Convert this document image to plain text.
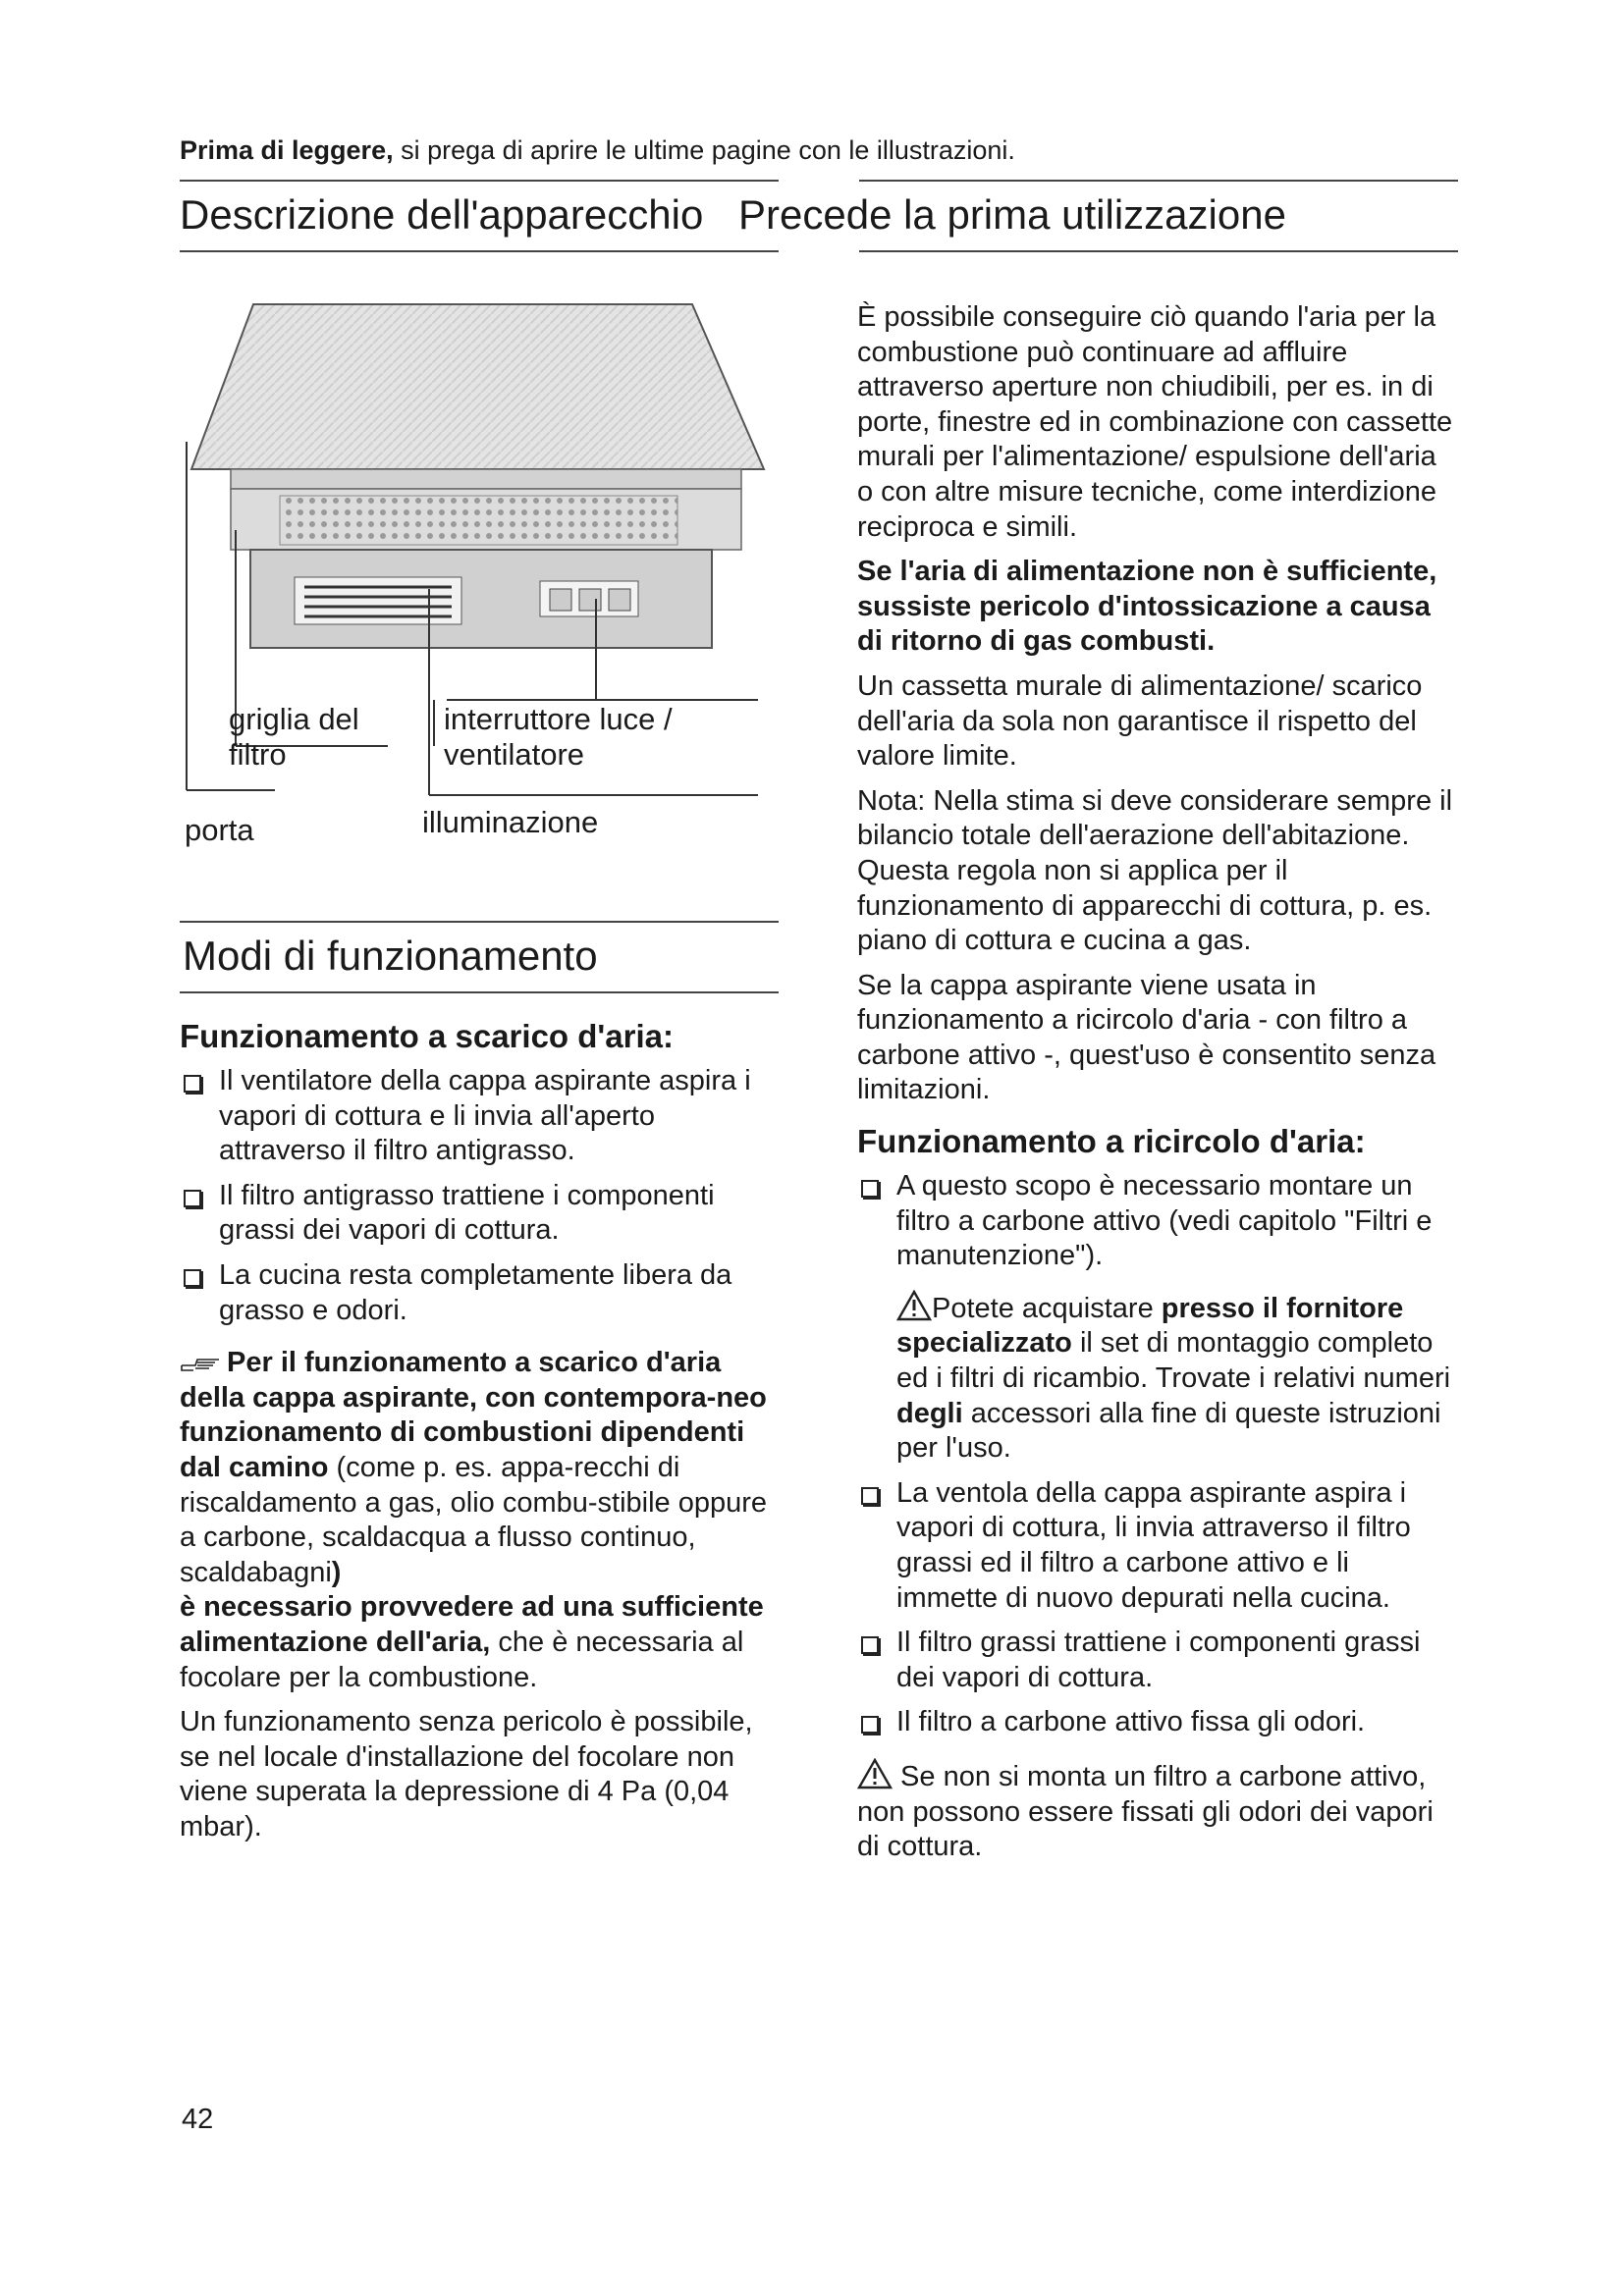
Prima di leggere, si prega di aprire le ultime pagine con le illustrazioni.
Descrizione dell'apparecchio Precede la prima utilizzazione
griglia del
filtro
interruttore luce /
ventilatore
porta	illuminazione
Modi di funzionamento
Funzionamento a scarico d'aria:
Il ventilatore della cappa aspirante aspira i vapori di cottura e li invia all'aperto attraverso il filtro antigrasso.
Il filtro antigrasso trattiene i componenti grassi dei vapori di cottura.
La cucina resta completamente libera da grasso e odori.

Per il funzionamento a scarico d'aria della cappa aspirante, con contempora-neo funzionamento di combustioni dipendenti dal camino (come p. es. appa-recchi di riscaldamento a gas, olio combu-stibile oppure a carbone, scaldacqua a flusso continuo, scaldabagni)
è necessario provvedere ad una sufficiente alimentazione dell'aria, che è necessaria al focolare per la combustione.

Un funzionamento senza pericolo è possibile, se nel locale d'installazione del focolare non viene superata la depressione di 4 Pa (0,04 mbar).

È possibile conseguire ciò quando l'aria per la combustione può continuare ad affluire attraverso aperture non chiudibili, per es. in di porte, finestre ed in combinazione con cassette murali per l'alimentazione/ espulsione dell'aria o con altre misure tecniche, come interdizione reciproca e simili.

Se l'aria di alimentazione non è sufficiente, sussiste pericolo d'intossicazione a causa di ritorno di gas combusti.

Un cassetta murale di alimentazione/ scarico dell'aria da sola non garantisce il rispetto del valore limite.

Nota: Nella stima si deve considerare sempre il bilancio totale dell'aerazione dell'abitazione. Questa regola non si applica per il funzionamento di apparecchi di cottura, p. es. piano di cottura e cucina a gas.

Se la cappa aspirante viene usata in funzionamento a ricircolo d'aria - con filtro a carbone attivo -, quest'uso è consentito senza limitazioni.

Funzionamento a ricircolo d'aria:
A questo scopo è necessario montare un filtro a carbone attivo (vedi capitolo "Filtri e manutenzione").

Potete acquistare presso il fornitore specializzato il set di montaggio completo ed i filtri di ricambio. Trovate i relativi numeri degli accessori alla fine di queste istruzioni per l'uso.

La ventola della cappa aspirante aspira i vapori di cottura, li invia attraverso il filtro grassi ed il filtro a carbone attivo e li immette di nuovo depurati nella cucina.
Il filtro grassi trattiene i componenti grassi dei vapori di cottura.
Il filtro a carbone attivo fissa gli odori.

Se non si monta un filtro a carbone attivo, non possono essere fissati gli odori dei vapori di cottura.

42
